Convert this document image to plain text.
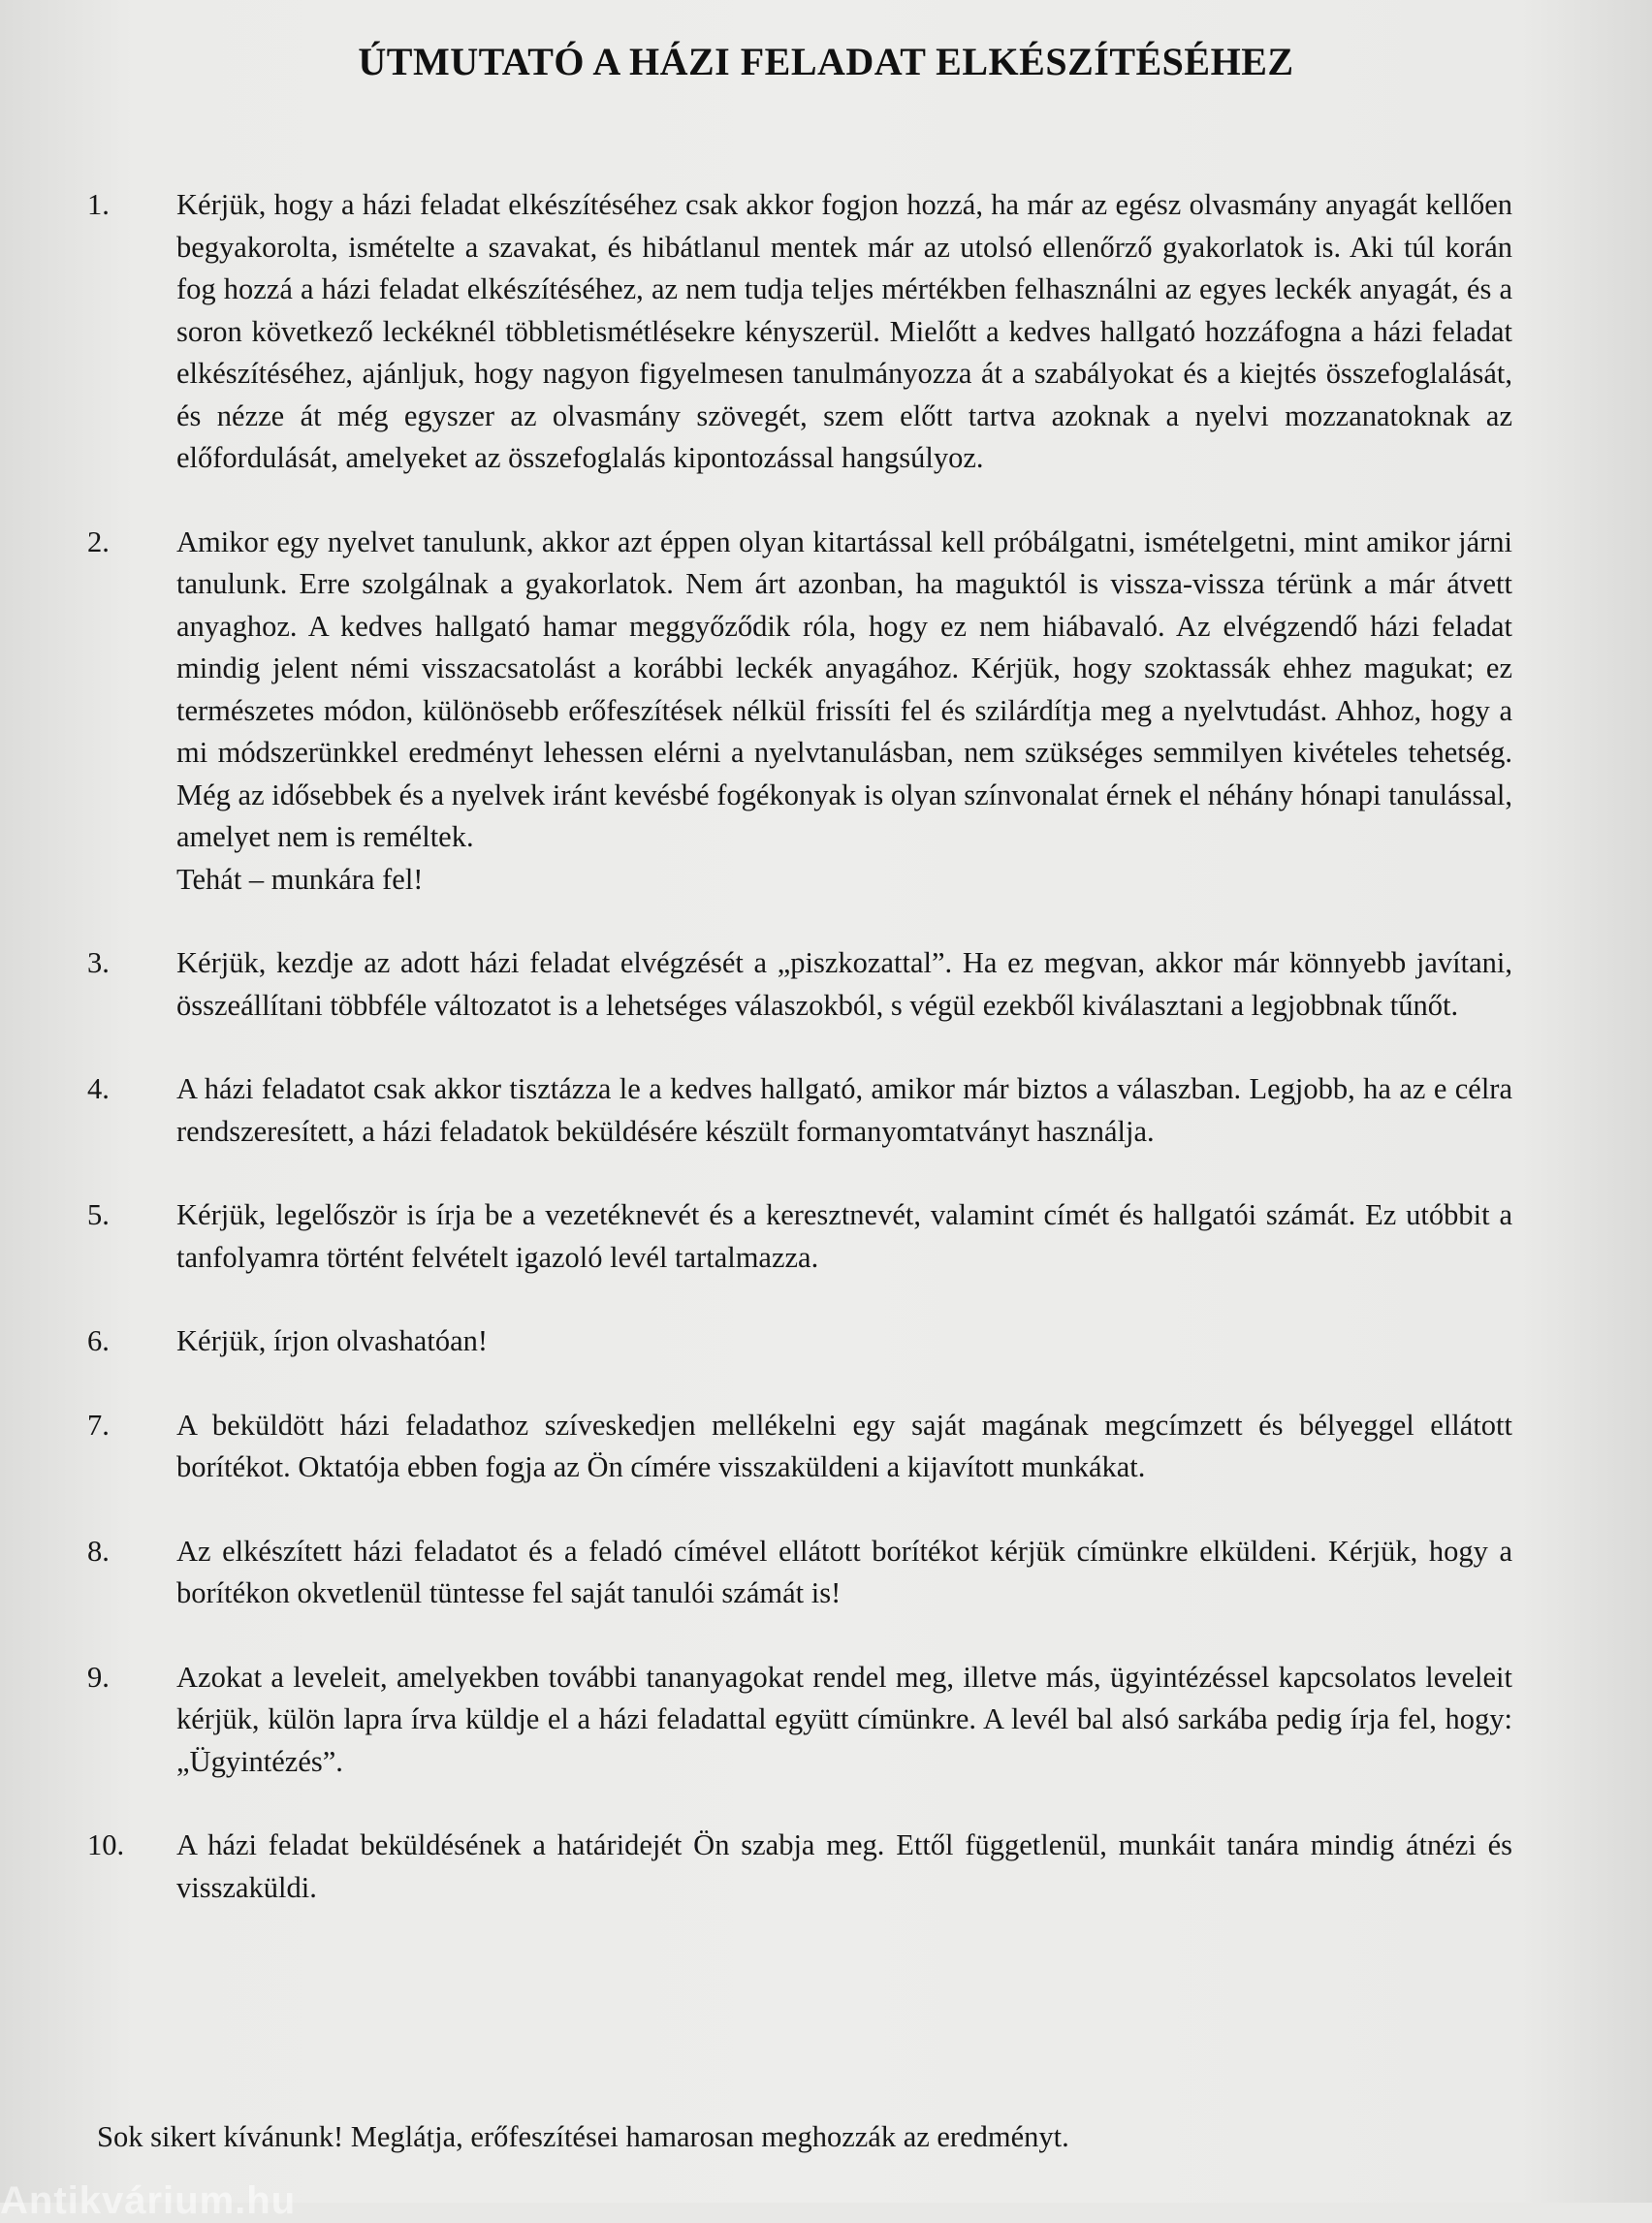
ÚTMUTATÓ A HÁZI FELADAT ELKÉSZÍTÉSÉHEZ
1.	Kérjük, hogy a házi feladat elkészítéséhez csak akkor fogjon hozzá, ha már az egész olvasmány anyagát kellően begyakorolta, ismételte a szavakat, és hibátlanul mentek már az utolsó ellenőrző gyakorlatok is. Aki túl korán fog hozzá a házi feladat elkészítéséhez, az nem tudja teljes mértékben felhasználni az egyes leckék anyagát, és a soron következő leckéknél többletismétlésekre kényszerül. Mielőtt a kedves hallgató hozzáfogna a házi feladat elkészítéséhez, ajánljuk, hogy nagyon figyelmesen tanulmányozza át a szabályokat és a kiejtés összefoglalását, és nézze át még egyszer az olvasmány szövegét, szem előtt tartva azoknak a nyelvi mozzanatoknak az előfordulását, amelyeket az összefoglalás kipontozással hangsúlyoz.
2.	Amikor egy nyelvet tanulunk, akkor azt éppen olyan kitartással kell próbálgatni, ismételgetni, mint amikor járni tanulunk. Erre szolgálnak a gyakorlatok. Nem árt azonban, ha maguktól is vissza-vissza térünk a már átvett anyaghoz. A kedves hallgató hamar meggyőződik róla, hogy ez nem hiábavaló. Az elvégzendő házi feladat mindig jelent némi visszacsatolást a korábbi leckék anyagához. Kérjük, hogy szoktassák ehhez magukat; ez természetes módon, különösebb erőfeszítések nélkül frissíti fel és szilárdítja meg a nyelvtudást. Ahhoz, hogy a mi módszerünkkel eredményt lehessen elérni a nyelvtanulásban, nem szükséges semmilyen kivételes tehetség. Még az idősebbek és a nyelvek iránt kevésbé fogékonyak is olyan színvonalat érnek el néhány hónapi tanulással, amelyet nem is reméltek.
Tehát – munkára fel!
3.	Kérjük, kezdje az adott házi feladat elvégzését a „piszkozattal”. Ha ez megvan, akkor már könnyebb javítani, összeállítani többféle változatot is a lehetséges válaszokból, s végül ezekből kiválasztani a legjobbnak tűnőt.
4.	A házi feladatot csak akkor tisztázza le a kedves hallgató, amikor már biztos a válaszban. Legjobb, ha az e célra rendszeresített, a házi feladatok beküldésére készült formanyomtatványt használja.
5.	Kérjük, legelőször is írja be a vezetéknevét és a keresztnevét, valamint címét és hallgatói számát. Ez utóbbit a tanfolyamra történt felvételt igazoló levél tartalmazza.
6.	Kérjük, írjon olvashatóan!
7.	A beküldött házi feladathoz szíveskedjen mellékelni egy saját magának megcímzett és bélyeggel ellátott borítékot. Oktatója ebben fogja az Ön címére visszaküldeni a kijavított munkákat.
8.	Az elkészített házi feladatot és a feladó címével ellátott borítékot kérjük címünkre elküldeni. Kérjük, hogy a borítékon okvetlenül tüntesse fel saját tanulói számát is!
9.	Azokat a leveleit, amelyekben további tananyagokat rendel meg, illetve más, ügyintézéssel kapcsolatos leveleit kérjük, külön lapra írva küldje el a házi feladattal együtt címünkre. A levél bal alsó sarkába pedig írja fel, hogy: „Ügyintézés”.
10.	A házi feladat beküldésének a határidejét Ön szabja meg. Ettől függetlenül, munkáit tanára mindig átnézi és visszaküldi.
Sok sikert kívánunk! Meglátja, erőfeszítései hamarosan meghozzák az eredményt.
Antikvárium.hu
